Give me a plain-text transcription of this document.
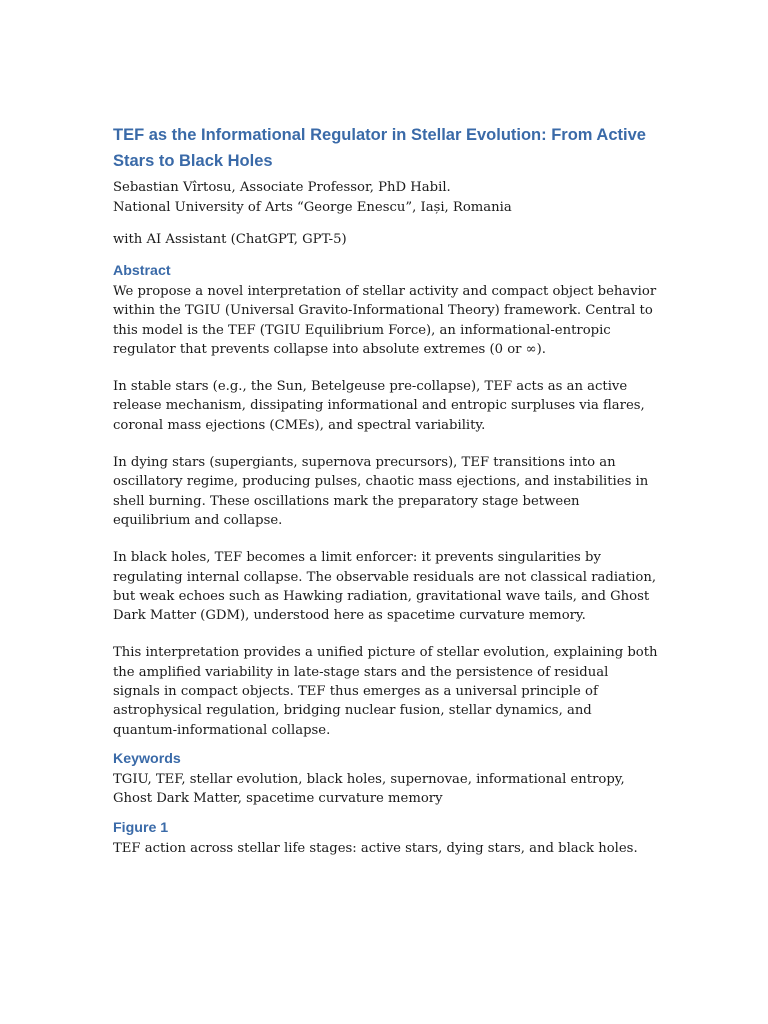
TEF as the Informational Regulator in Stellar Evolution: From Active Stars to Black Holes

Sebastian Vîrtosu, Associate Professor, PhD Habil.

National University of Arts “George Enescu”, Iași, Romania

with AI Assistant (ChatGPT, GPT-5)

Abstract

We propose a novel interpretation of stellar activity and compact object behavior within the TGIU (Universal Gravito-Informational Theory) framework. Central to this model is the TEF (TGIU Equilibrium Force), an informational-entropic regulator that prevents collapse into absolute extremes (0 or ∞).

In stable stars (e.g., the Sun, Betelgeuse pre-collapse), TEF acts as an active release mechanism, dissipating informational and entropic surpluses via flares, coronal mass ejections (CMEs), and spectral variability.

In dying stars (supergiants, supernova precursors), TEF transitions into an oscillatory regime, producing pulses, chaotic mass ejections, and instabilities in shell burning. These oscillations mark the preparatory stage between equilibrium and collapse.

In black holes, TEF becomes a limit enforcer: it prevents singularities by regulating internal collapse. The observable residuals are not classical radiation, but weak echoes such as Hawking radiation, gravitational wave tails, and Ghost Dark Matter (GDM), understood here as spacetime curvature memory.

This interpretation provides a unified picture of stellar evolution, explaining both the amplified variability in late-stage stars and the persistence of residual signals in compact objects. TEF thus emerges as a universal principle of astrophysical regulation, bridging nuclear fusion, stellar dynamics, and quantum-informational collapse.

Keywords

TGIU, TEF, stellar evolution, black holes, supernovae, informational entropy, Ghost Dark Matter, spacetime curvature memory

Figure 1

TEF action across stellar life stages: active stars, dying stars, and black holes.
